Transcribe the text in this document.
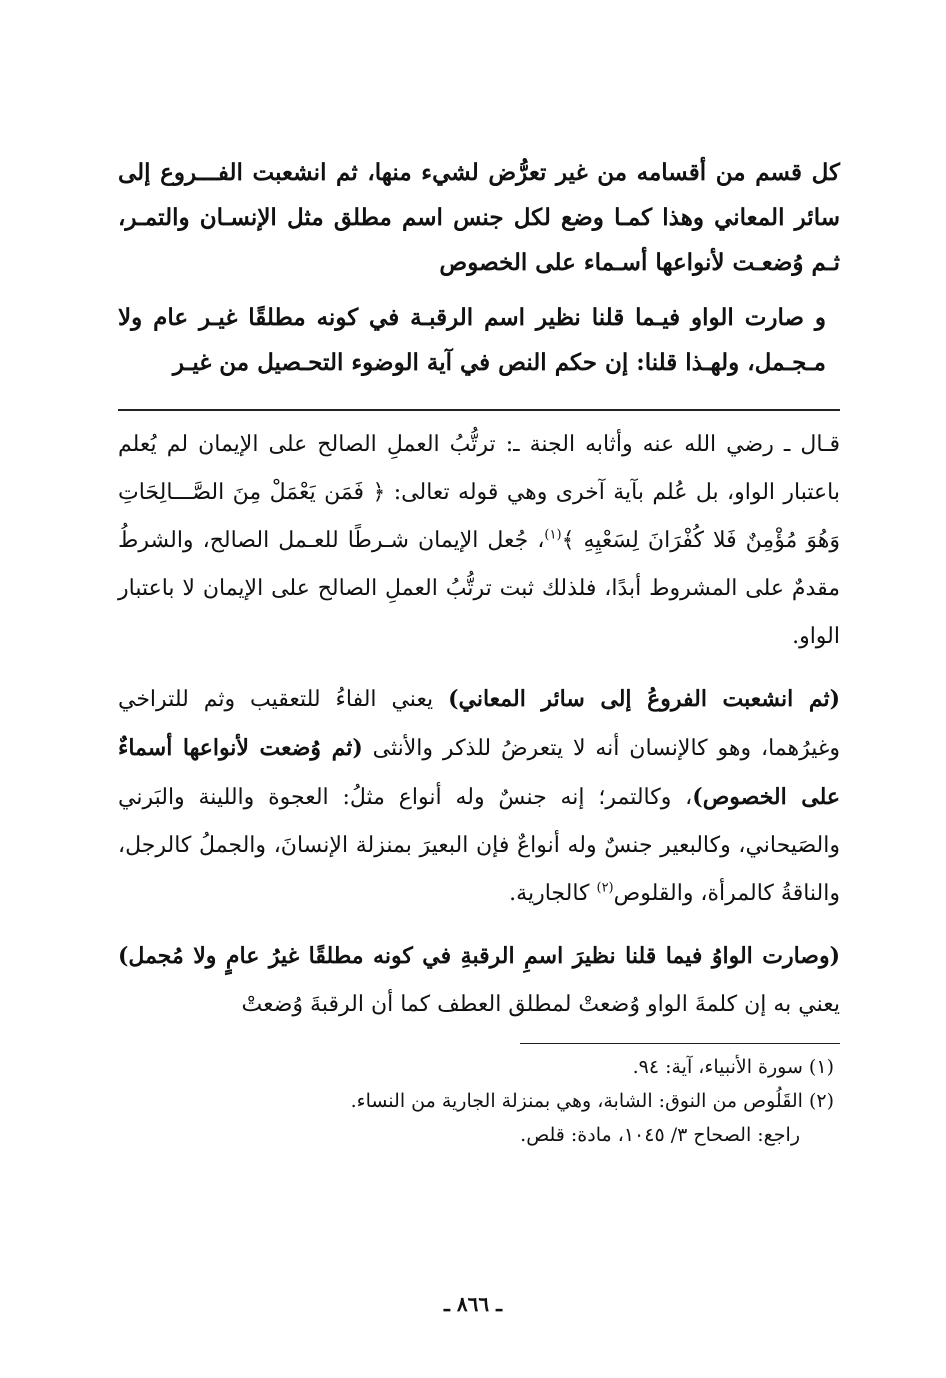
كل قسم من أقسامه من غير تعرُّض لشيء منها، ثم انشعبت الفـــروع إلى سائر المعاني وهذا كمـا وضع لكل جنس اسم مطلق مثل الإنسـان والتمـر، ثـم وُضعـت لأنواعها أسـماء على الخصوص

و صارت الواو فيـما قلنا نظير اسم الرقبـة في كونه مطلقًا غيـر عام ولا مـجـمل، ولهـذا قلنا: إن حكم النص في آية الوضوء التحـصيل من غيـر

قـال ـ رضي الله عنه وأثابه الجنة ـ: ترتُّبُ العملِ الصالح على الإيمان لم يُعلم باعتبار الواو، بل عُلم بآية آخرى وهي قوله تعالى: ﴿ فَمَن يَعْمَلْ مِنَ الصَّـــالِحَاتِ وَهُوَ مُؤْمِنٌ فَلا كُفْرَانَ لِسَعْيِهِ ﴾$^{(١)}$، جُعل الإيمان شـرطًا للعـمل الصالح، والشرطُ مقدمٌ على المشروط أبدًا، فلذلك ثبت ترتُّبُ العملِ الصالح على الإيمان لا باعتبار الواو.

(ثم انشعبت الفروعُ إلى سائر المعاني) يعني الفاءُ للتعقيب وثم للتراخي وغيرُهما، وهو كالإنسان أنه لا يتعرضُ للذكر والأنثى (ثم وُضعت لأنواعها أسماءٌ على الخصوص)، وكالتمر؛ إنه جنسٌ وله أنواع مثلُ: العجوة واللينة والبَرني والصَيحاني، وكالبعير جنسٌ وله أنواعٌ فإن البعيرَ بمنزلة الإنسانَ، والجملُ كالرجل، والناقةُ كالمرأة، والقلوص$^{(٢)}$ كالجارية.

(وصارت الواوُ فيما قلنا نظيرَ اسمِ الرقبةِ في كونه مطلقًا غيرُ عامٍ ولا مُجمل) يعني به إن كلمةَ الواو وُضعتْ لمطلق العطف كما أن الرقبةَ وُضعتْ

(١) سورة الأنبياء، آية: ٩٤.
(٢) القَلُوص من النوق: الشابة، وهي بمنزلة الجارية من النساء.
راجع: الصحاح ٣/ ١٠٤٥، مادة: قلص.
ـ ٨٦٦ ـ
